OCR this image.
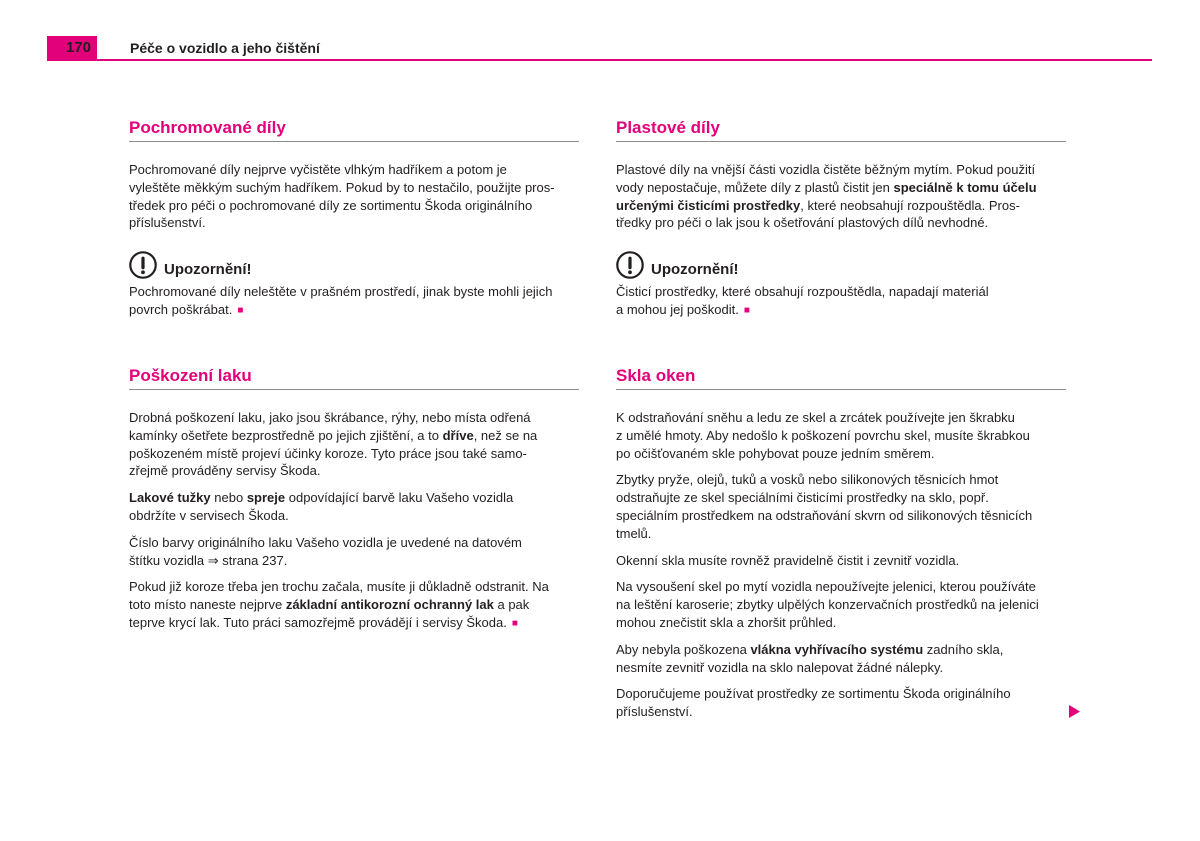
170	Péče o vozidlo a jeho čištění
Pochromované díly
Pochromované díly nejprve vyčistěte vlhkým hadříkem a potom je
vyleštěte měkkým suchým hadříkem. Pokud by to nestačilo, použijte pros-
tředek pro péči o pochromované díly ze sortimentu Škoda originálního
příslušenství.
Upozornění!
Pochromované díly neleštěte v prašném prostředí, jinak byste mohli jejich
povrch poškrábat. ■
Poškození laku
Drobná poškození laku, jako jsou škrábance, rýhy, nebo místa odřená
kamínky ošetřete bezprostředně po jejich zjištění, a to dříve, než se na
poškozeném místě projeví účinky koroze. Tyto práce jsou také samo-
zřejmě prováděny servisy Škoda.
Lakové tužky nebo spreje odpovídající barvě laku Vašeho vozidla
obdržíte v servisech Škoda.
Číslo barvy originálního laku Vašeho vozidla je uvedené na datovém
štítku vozidla ⇒ strana 237.
Pokud již koroze třeba jen trochu začala, musíte ji důkladně odstranit. Na
toto místo naneste nejprve základní antikorozní ochranný lak a pak
teprve krycí lak. Tuto práci samozřejmě provádějí i servisy Škoda. ■
Plastové díly
Plastové díly na vnější části vozidla čistěte běžným mytím. Pokud použití
vody nepostačuje, můžete díly z plastů čistit jen speciálně k tomu účelu
určenými čisticími prostředky, které neobsahují rozpouštědla. Pros-
tředky pro péči o lak jsou k ošetřování plastových dílů nevhodné.
Upozornění!
Čisticí prostředky, které obsahují rozpouštědla, napadají materiál
a mohou jej poškodit. ■
Skla oken
K odstraňování sněhu a ledu ze skel a zrcátek používejte jen škrabku
z umělé hmoty. Aby nedošlo k poškození povrchu skel, musíte škrabkou
po očišťovaném skle pohybovat pouze jedním směrem.
Zbytky pryže, olejů, tuků a vosků nebo silikonových těsnicích hmot
odstraňujte ze skel speciálními čisticími prostředky na sklo, popř.
speciálním prostředkem na odstraňování skvrn od silikonových těsnicích
tmelů.
Okenní skla musíte rovněž pravidelně čistit i zevnitř vozidla.
Na vysoušení skel po mytí vozidla nepoužívejte jelenici, kterou používáte
na leštění karoserie; zbytky ulpělých konzervačních prostředků na jelenici
mohou znečistit skla a zhoršit průhled.
Aby nebyla poškozena vlákna vyhřívacího systému zadního skla,
nesmíte zevnitř vozidla na sklo nalepovat žádné nálepky.
Doporučujeme používat prostředky ze sortimentu Škoda originálního
příslušenství.
